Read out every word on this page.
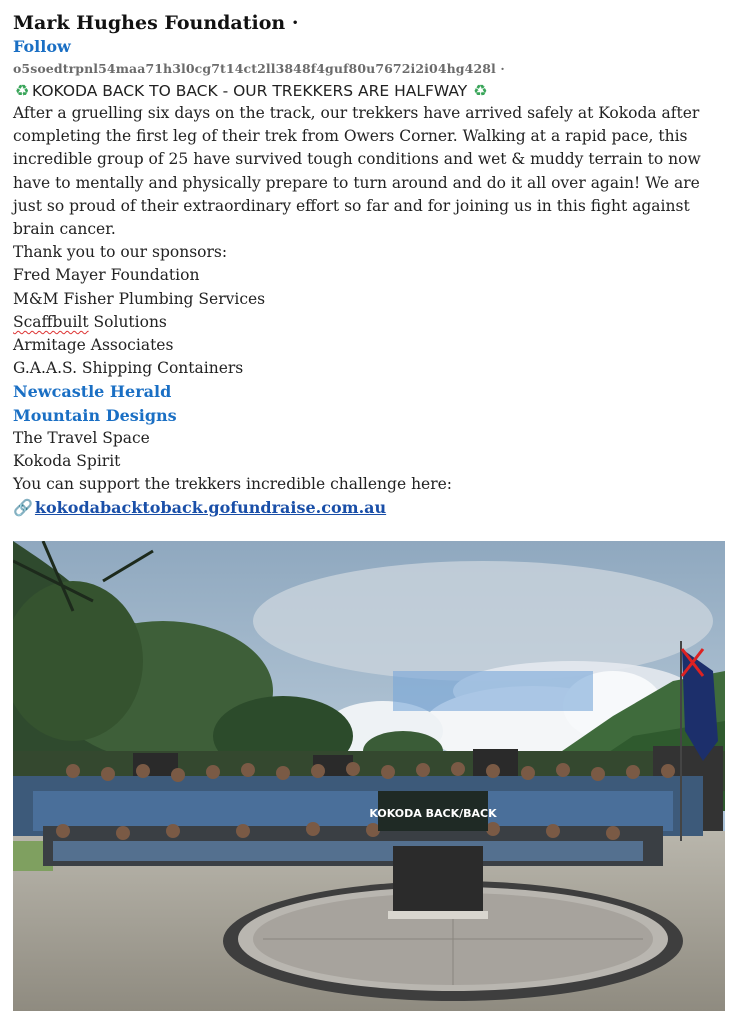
Mark Hughes Foundation ·
Follow
o5soedtrpnl54maa71h3l0cg7t14ct2ll3848f4guf80u7672i2i04hg428l ·
♻ KOKODA BACK TO BACK - OUR TREKKERS ARE HALFWAY ♻
After a gruelling six days on the track, our trekkers have arrived safely at Kokoda after completing the first leg of their trek from Owers Corner. Walking at a rapid pace, this incredible group of 25 have survived tough conditions and wet & muddy terrain to now have to mentally and physically prepare to turn around and do it all over again! We are just so proud of their extraordinary effort so far and for joining us in this fight against brain cancer.
Thank you to our sponsors:
Fred Mayer Foundation
M&M Fisher Plumbing Services
Scaffbuilt Solutions
Armitage Associates
G.A.A.S. Shipping Containers
Newcastle Herald
Mountain Designs
The Travel Space
Kokoda Spirit
You can support the trekkers incredible challenge here:
🔗 kokodabacktoback.gofundraise.com.au
KOKODA BACK/BACK
